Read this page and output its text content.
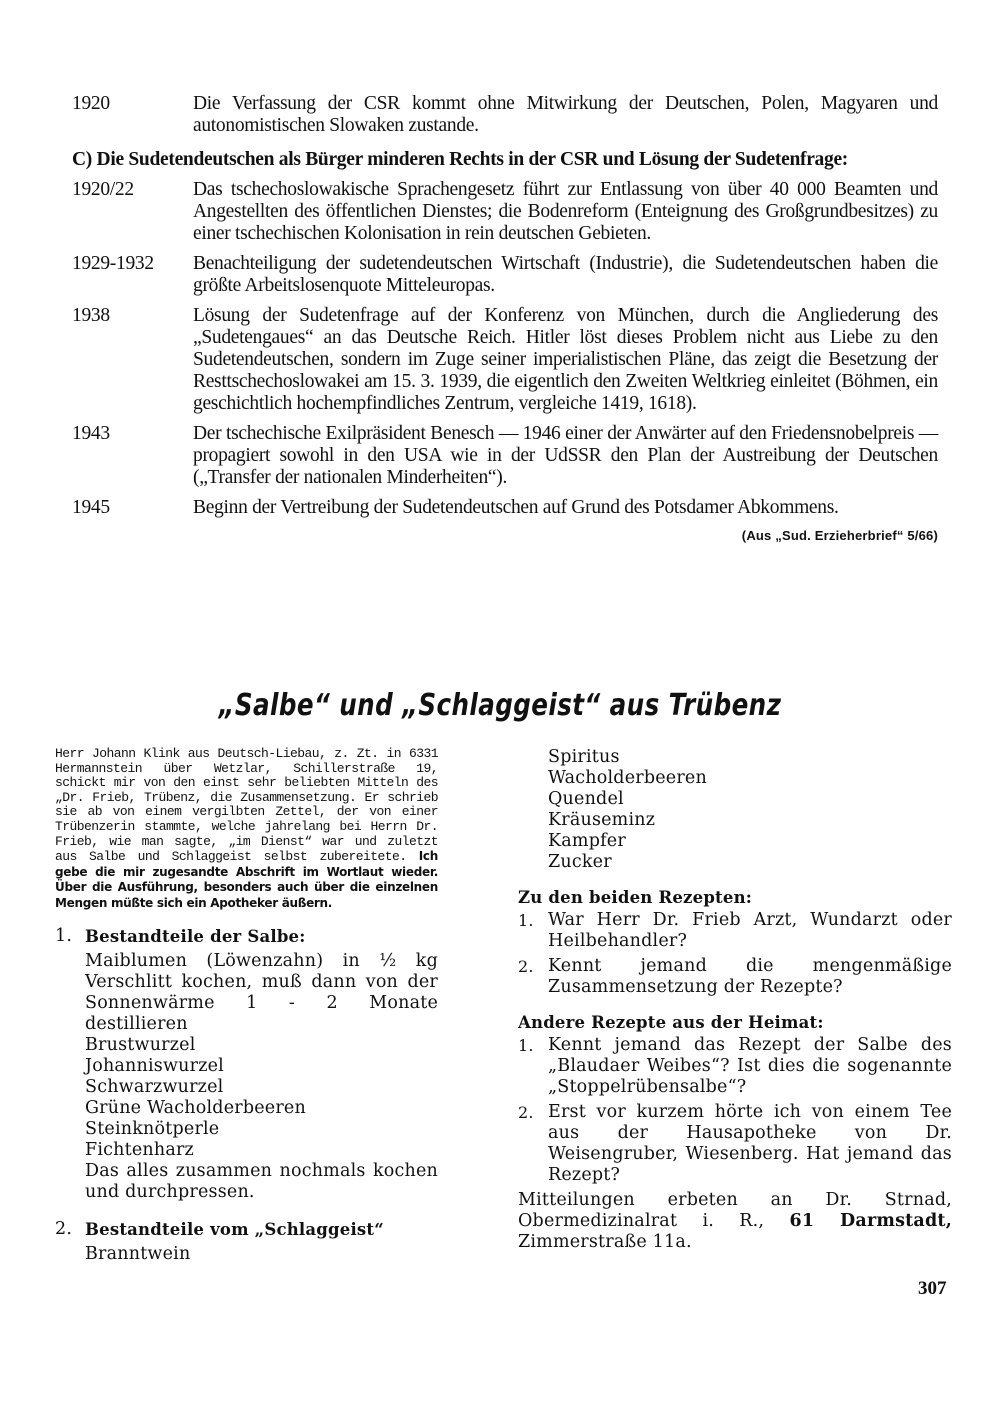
1920	Die Verfassung der CSR kommt ohne Mitwirkung der Deutschen, Polen, Magyaren und autonomistischen Slowaken zustande.
C) Die Sudetendeutschen als Bürger minderen Rechts in der CSR und Lösung der Sudetenfrage:
1920/22	Das tschechoslowakische Sprachengesetz führt zur Entlassung von über 40 000 Beamten und Angestellten des öffentlichen Dienstes; die Bodenreform (Enteignung des Großgrundbesitzes) zu einer tschechischen Kolonisation in rein deutschen Gebieten.
1929-1932	Benachteiligung der sudetendeutschen Wirtschaft (Industrie), die Sudetendeutschen haben die größte Arbeitslosenquote Mitteleuropas.
1938	Lösung der Sudetenfrage auf der Konferenz von München, durch die Angliederung des „Sudetengaues“ an das Deutsche Reich. Hitler löst dieses Problem nicht aus Liebe zu den Sudetendeutschen, sondern im Zuge seiner imperialistischen Pläne, das zeigt die Besetzung der Resttschechoslowakei am 15. 3. 1939, die eigentlich den Zweiten Weltkrieg einleitet (Böhmen, ein geschichtlich hochempfindliches Zentrum, vergleiche 1419, 1618).
1943	Der tschechische Exilpräsident Benesch — 1946 einer der Anwärter auf den Friedensnobelpreis — propagiert sowohl in den USA wie in der UdSSR den Plan der Austreibung der Deutschen („Transfer der nationalen Minderheiten“).
1945	Beginn der Vertreibung der Sudetendeutschen auf Grund des Potsdamer Abkommens.
(Aus „Sud. Erzieherbrief“ 5/66)
„Salbe“ und „Schlaggeist“ aus Trübenz
Herr Johann Klink aus Deutsch-Liebau, z. Zt. in 6331 Hermannstein über Wetzlar, Schillerstraße 19, schickt mir von den einst sehr beliebten Mitteln des „Dr. Frieb, Trübenz, die Zusammensetzung. Er schrieb sie ab von einem vergilbten Zettel, der von einer Trübenzerin stammte, welche jahrelang bei Herrn Dr. Frieb, wie man sagte, „im Dienst“ war und zuletzt aus Salbe und Schlaggeist selbst zubereitete. Ich gebe die mir zugesandte Abschrift im Wortlaut wieder. Über die Ausführung, besonders auch über die einzelnen Mengen müßte sich ein Apotheker äußern.
1. Bestandteile der Salbe:
Maiblumen (Löwenzahn) in ½ kg Verschlitt kochen, muß dann von der Sonnenwärme 1 - 2 Monate destillieren
Brustwurzel
Johanniswurzel
Schwarzwurzel
Grüne Wacholderbeeren
Steinknötperle
Fichtenharz
Das alles zusammen nochmals kochen und durchpressen.
2. Bestandteile vom „Schlaggeist“
Branntwein
Spiritus
Wacholderbeeren
Quendel
Kräuseminz
Kampfer
Zucker
Zu den beiden Rezepten:
1. War Herr Dr. Frieb Arzt, Wundarzt oder Heilbehandler?
2. Kennt jemand die mengenmäßige Zusammensetzung der Rezepte?
Andere Rezepte aus der Heimat:
1. Kennt jemand das Rezept der Salbe des „Blaudaer Weibes“? Ist dies die sogenannte „Stoppelrübensalbe“?
2. Erst vor kurzem hörte ich von einem Tee aus der Hausapotheke von Dr. Weisengruber, Wiesenberg. Hat jemand das Rezept?
Mitteilungen erbeten an Dr. Strnad, Obermedizinalrat i. R., 61 Darmstadt, Zimmerstraße 11a.
307
